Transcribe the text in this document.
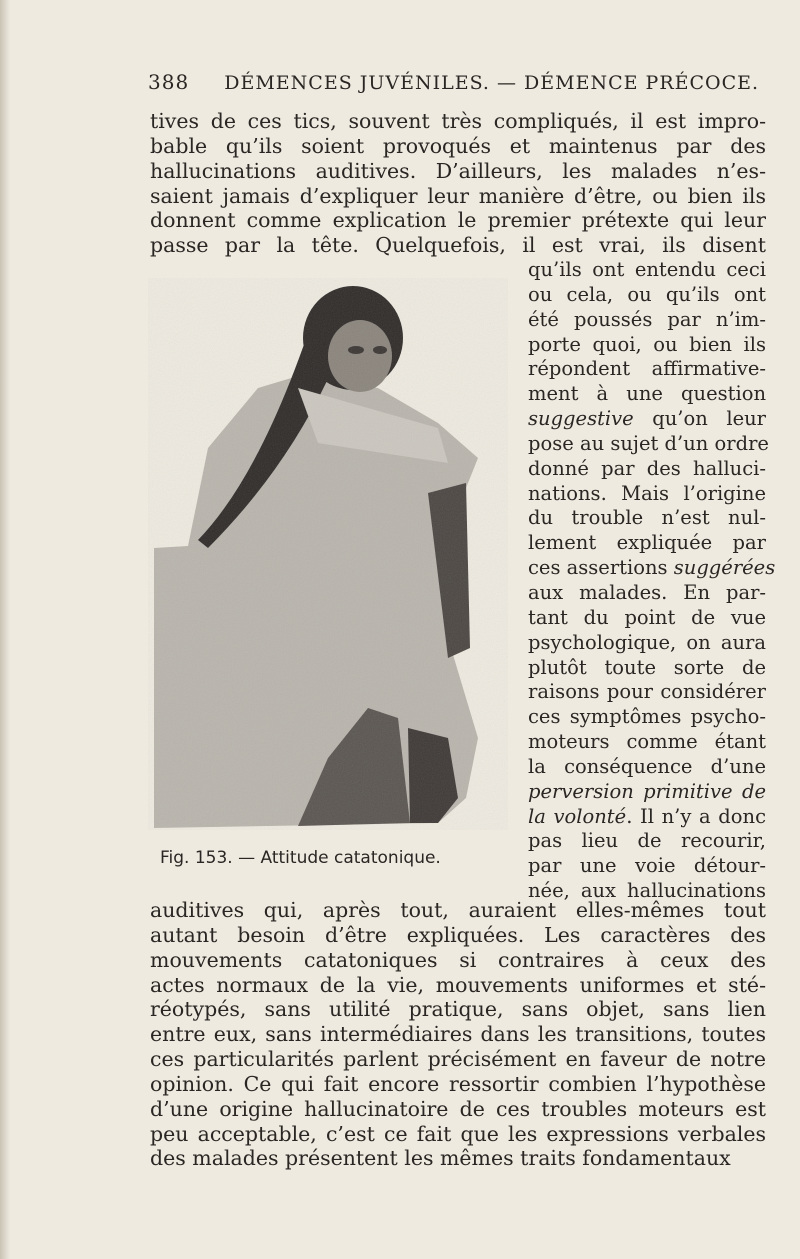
388 DÉMENCES JUVÉNILES. — DÉMENCE PRÉCOCE.
tives de ces tics, souvent très compliqués, il est impro-
bable qu’ils soient provoqués et maintenus par des
hallucinations auditives. D’ailleurs, les malades n’es-
saient jamais d’expliquer leur manière d’être, ou bien ils
donnent comme explication le premier prétexte qui leur
passe par la tête. Quelquefois, il est vrai, ils disent
qu’ils ont entendu ceci
ou cela, ou qu’ils ont
été poussés par n’im-
porte quoi, ou bien ils
répondent affirmative-
ment à une question
suggestive qu’on leur
pose au sujet d’un ordre
donné par des halluci-
nations. Mais l’origine
du trouble n’est nul-
lement expliquée par
ces assertions suggérées
aux malades. En par-
tant du point de vue
psychologique, on aura
plutôt toute sorte de
raisons pour considérer
ces symptômes psycho-
moteurs comme étant
la conséquence d’une
perversion primitive de
la volonté. Il n’y a donc
pas lieu de recourir,
par une voie détour-
née, aux hallucinations
Fig. 153. — Attitude catatonique.
auditives qui, après tout, auraient elles-mêmes tout
autant besoin d’être expliquées. Les caractères des
mouvements catatoniques si contraires à ceux des
actes normaux de la vie, mouvements uniformes et sté-
réotypés, sans utilité pratique, sans objet, sans lien
entre eux, sans intermédiaires dans les transitions, toutes
ces particularités parlent précisément en faveur de notre
opinion. Ce qui fait encore ressortir combien l’hypothèse
d’une origine hallucinatoire de ces troubles moteurs est
peu acceptable, c’est ce fait que les expressions verbales
des malades présentent les mêmes traits fondamentaux
